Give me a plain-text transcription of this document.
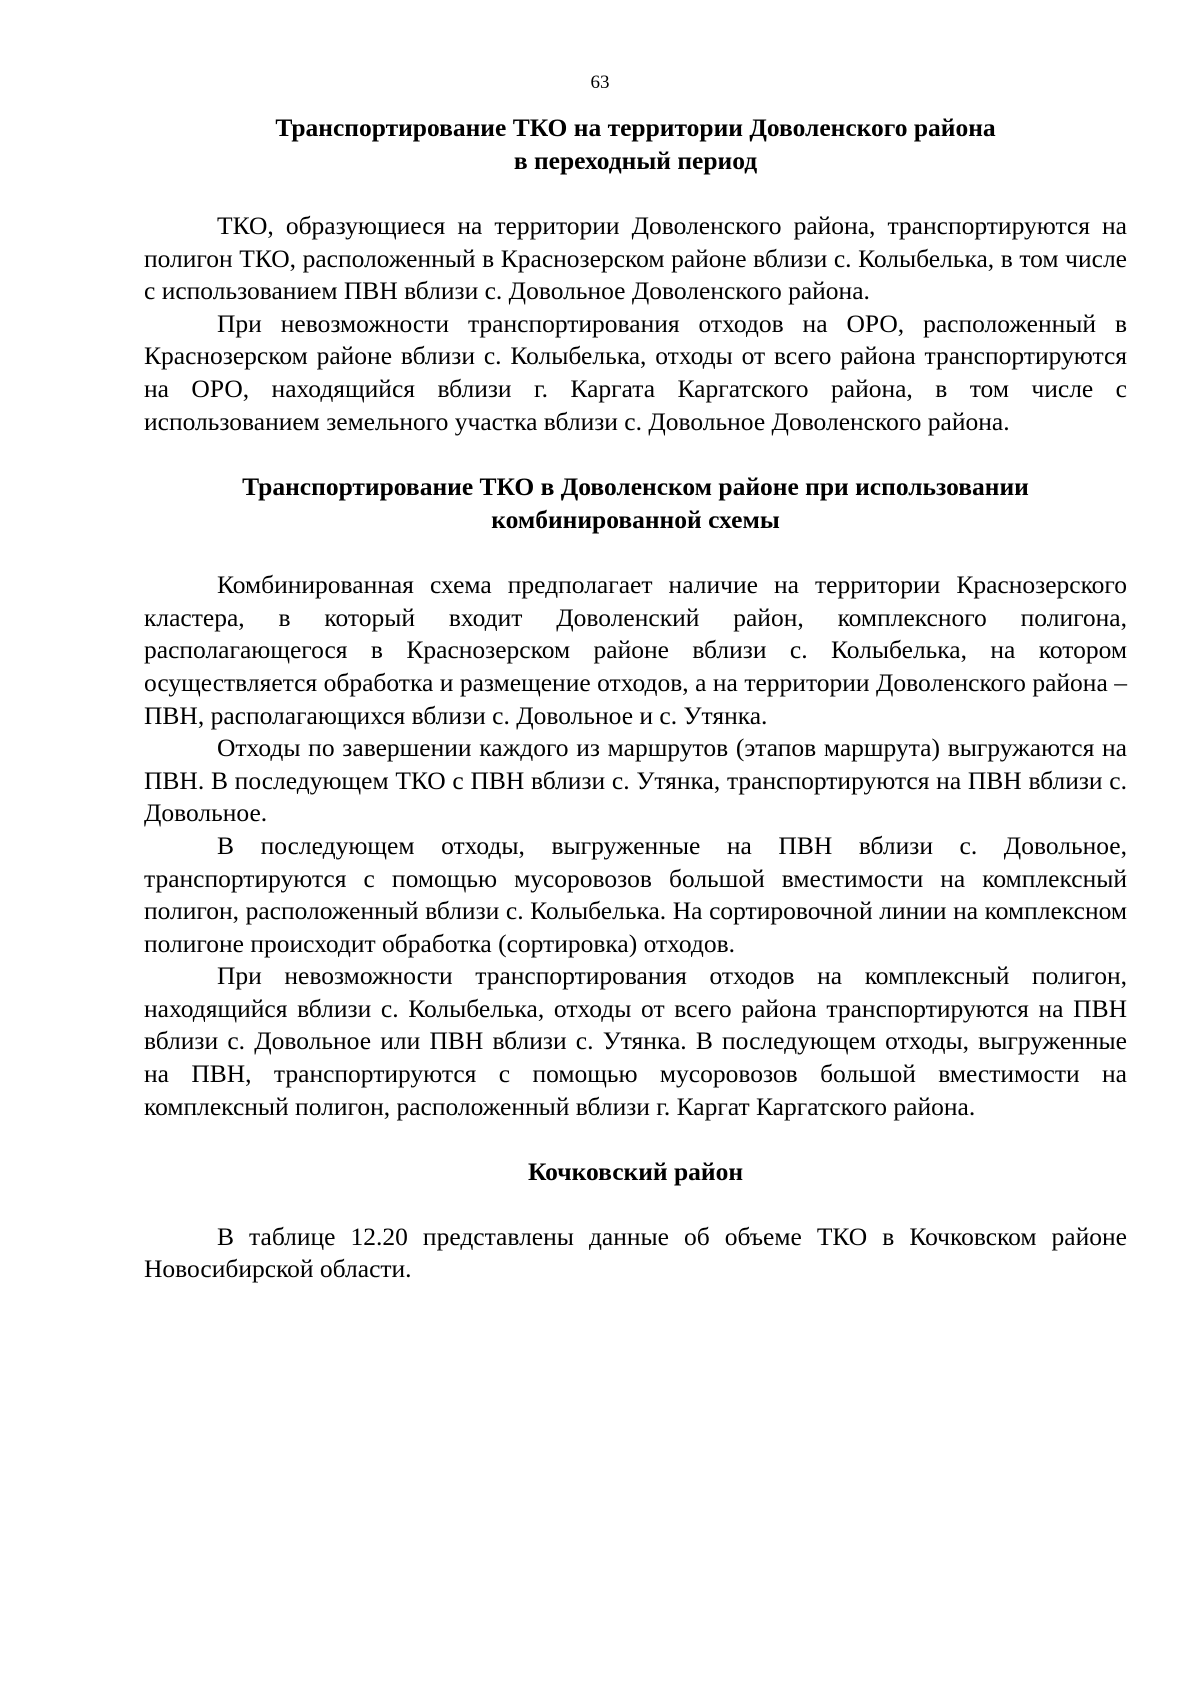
63
Транспортирование ТКО на территории Доволенского района
в переходный период

ТКО, образующиеся на территории Доволенского района, транспортируются на полигон ТКО, расположенный в Краснозерском районе вблизи с. Колыбелька, в том числе с использованием ПВН вблизи с. Довольное Доволенского района.

При невозможности транспортирования отходов на ОРО, расположенный в Краснозерском районе вблизи с. Колыбелька, отходы от всего района транспортируются на ОРО, находящийся вблизи г. Каргата Каргатского района, в том числе с использованием земельного участка вблизи с. Довольное Доволенского района.

Транспортирование ТКО в Доволенском районе при использовании
комбинированной схемы

Комбинированная схема предполагает наличие на территории Краснозерского кластера, в который входит Доволенский район, комплексного полигона, располагающегося в Краснозерском районе вблизи с. Колыбелька, на котором осуществляется обработка и размещение отходов, а на территории Доволенского района – ПВН, располагающихся вблизи с. Довольное и с. Утянка.

Отходы по завершении каждого из маршрутов (этапов маршрута) выгружаются на ПВН. В последующем ТКО с ПВН вблизи с. Утянка, транспортируются на ПВН вблизи с. Довольное.

В последующем отходы, выгруженные на ПВН вблизи с. Довольное, транспортируются с помощью мусоровозов большой вместимости на комплексный полигон, расположенный вблизи с. Колыбелька. На сортировочной линии на комплексном полигоне происходит обработка (сортировка) отходов.

При невозможности транспортирования отходов на комплексный полигон, находящийся вблизи с. Колыбелька, отходы от всего района транспортируются на ПВН вблизи с. Довольное или ПВН вблизи с. Утянка. В последующем отходы, выгруженные на ПВН, транспортируются с помощью мусоровозов большой вместимости на комплексный полигон, расположенный вблизи г. Каргат Каргатского района.

Кочковский район

В таблице 12.20 представлены данные об объеме ТКО в Кочковском районе Новосибирской области.
